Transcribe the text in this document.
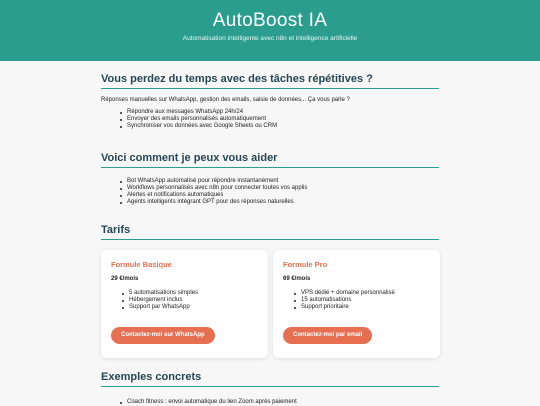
AutoBoost IA

Automatisation intelligente avec n8n et intelligence artificielle

Vous perdez du temps avec des tâches répétitives ?

Réponses manuelles sur WhatsApp, gestion des emails, saisie de données... Ça vous parle ?

Répondre aux messages WhatsApp 24h/24
Envoyer des emails personnalisés automatiquement
Synchroniser vos données avec Google Sheets ou CRM
Voici comment je peux vous aider
Bot WhatsApp automatisé pour répondre instantanément
Workflows personnalisés avec n8n pour connecter toutes vos applis
Alertes et notifications automatiques
Agents intelligents intégrant GPT pour des réponses naturelles
Tarifs
Formule Basique
29 €/mois
5 automatisations simples
Hébergement inclus
Support par WhatsApp
Contactez-moi sur WhatsApp
Formule Pro
69 €/mois
VPS dédié + domaine personnalisé
15 automatisations
Support prioritaire
Contactez-moi par email
Exemples concrets
Coach fitness : envoi automatique du lien Zoom après paiement
